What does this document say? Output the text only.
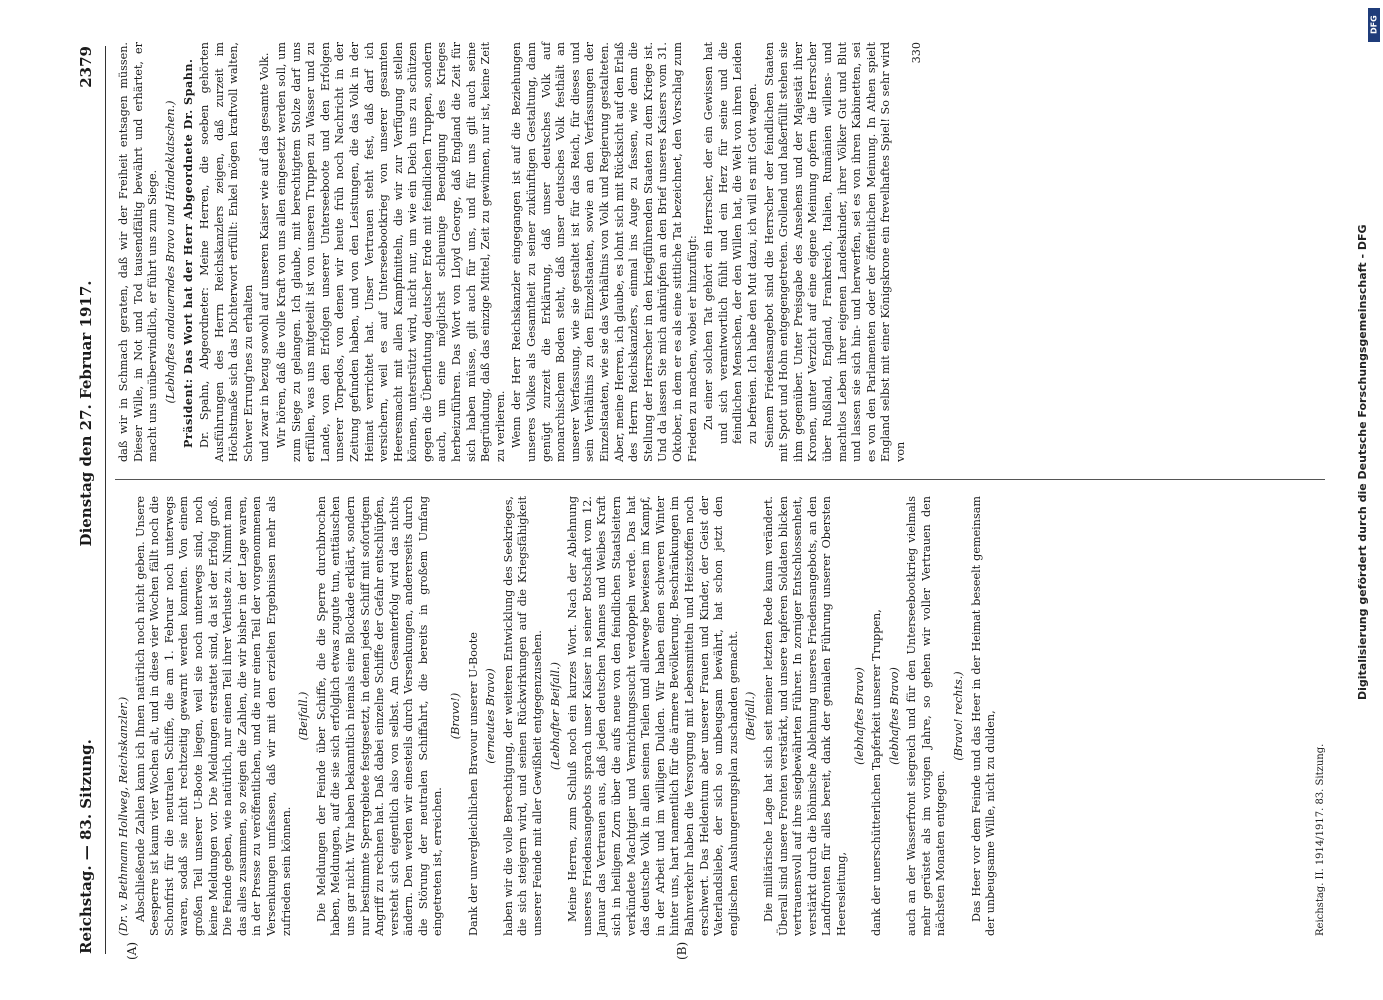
Reichstag. — 83. Sitzung.
Dienstag den 27. Februar 1917.
2379
(A)	(B)

(Dr. v. Bethmann Hollweg, Reichskanzler.) Abschließende Zahlen kann ich Ihnen natürlich noch nicht geben. Unsere Seesperre ist kaum vier Wochen alt, und in diese vier Wochen fällt noch die Schonfrist für die neutralen Schiffe, die am 1. Februar noch unterwegs waren, sodaß sie nicht rechtzeitig gewarnt werden konnten. Von einem großen Teil unserer U-Boote liegen, weil sie noch unterwegs sind, noch keine Meldungen vor. Die Meldungen erstattet sind, da ist der Erfolg groß. Die Feinde geben, wie natürlich, nur einen Teil ihrer Verluste zu. Nimmt man das alles zusammen, so zeigen die Zahlen, die wir bisher in der Lage waren, in der Presse zu veröffentlichen, und die nur einen Teil der vorgenommenen Versenkungen umfassen, daß wir mit den erzielten Ergebnissen mehr als zufrieden sein können.

(Beifall.) Die Meldungen der Feinde über Schiffe, die die Sperre durchbrochen haben, Meldungen, auf die sie sich erfolglich etwas zugute tun, enttäuschen uns gar nicht. Wir haben bekanntlich niemals eine Blockade erklärt, sondern nur bestimmte Sperrgebiete festgesetzt, in denen jedes Schiff mit sofortigem Angriff zu rechnen hat. Daß dabei einzelne Schiffe der Gefahr entschlüpfen, versteht sich eigentlich also von selbst. Am Gesamterfolg wird das nichts ändern. Den werden wir einesteils durch Versenkungen, andererseits durch die Störung der neutralen Schiffahrt, die bereits in großem Umfang eingetreten ist, erreichen.

(Bravo!) Dank der unvergleichlichen Bravour unserer U-Boote (erneutes Bravo) haben wir die volle Berechtigung, der weiteren Entwicklung des Seekrieges, die sich steigern wird, und seinen Rückwirkungen auf die Kriegsfähigkeit unserer Feinde mit aller Gewißheit entgegenzusehen. (Lebhafter Beifall.) Meine Herren, zum Schluß noch ein kurzes Wort. Nach der Ablehnung unseres Friedensangebots sprach unser Kaiser in seiner Botschaft vom 12. Januar das Vertrauen aus, daß jeden deutschen Mannes und Weibes Kraft sich in heiligem Zorn über die aufs neue von den feindlichen Staatsleitern verkündete Machtgier und Vernichtungssucht verdoppeln werde. Das hat das deutsche Volk in allen seinen Teilen und allerwege bewiesen im Kampf, in der Arbeit und im willigen Dulden. Wir haben einen schweren Winter hinter uns, hart namentlich für die ärmere Bevölkerung. Beschränkungen im Bahnverkehr haben die Versorgung mit Lebensmitteln und Heizstoffen noch erschwert. Das Heldentum aber unserer Frauen und Kinder, der Geist der Vaterlandsliebe, der sich so unbeugsam bewährt, hat schon jetzt den englischen Aushungerungsplan zuschanden gemacht. (Beifall.) Die militärische Lage hat sich seit meiner letzten Rede kaum verändert. Überall sind unsere Fronten verstärkt, und unsere tapferen Soldaten blicken vertrauensvoll auf ihre siegbewährten Führer. In zorniger Entschlossenheit, verstärkt durch die höhnische Ablehnung unseres Friedensangebots, an den Landfronten für alles bereit, dank der genialen Führung unserer Obersten Heeresleitung,

(lebhaftes Bravo) dank der unerschütterlichen Tapferkeit unserer Truppen, (lebhaftes Bravo) auch an der Wasserfront siegreich und für den Unterseebootkrieg vielmals mehr gerüstet als im vorigen Jahre, so gehen wir voller Vertrauen den nächsten Monaten entgegen.

(Bravo! rechts.) Das Heer vor dem Feinde und das Heer in der Heimat beseelt gemeinsam der unbeugsame Wille, nicht zu dulden,	Reichstag. II. 1914/1917. 83. Sitzung.

daß wir in Schmach geraten, daß wir der Freiheit entsagen müssen. Dieser Wille, in Not und Tod tausendfältig bewährt und erhärtet, er macht uns unüberwindlich, er führt uns zum Siege. (Lebhaftes andauerndes Bravo und Händeklatschen.) Präsident: Das Wort hat der Herr Abgeordnete Dr. Spahn. Dr. Spahn, Abgeordneter: Meine Herren, die soeben gehörten Ausführungen des Herrn Reichskanzlers zeigen, daß zurzeit im Höchstmaße sich das Dichterwort erfüllt: Enkel mögen kraftvoll walten, Schwer Errung'nes zu erhalten und zwar in bezug sowohl auf unseren Kaiser wie auf das gesamte Volk. Wir hören, daß die volle Kraft von uns allen eingesetzt werden soll, um zum Siege zu gelangen. Ich glaube, mit berechtigtem Stolze darf uns erfüllen, was uns mitgeteilt ist von unseren Truppen zu Wasser und zu Lande, von den Erfolgen unserer Unterseeboote und den Erfolgen unserer Torpedos, von denen wir heute früh noch Nachricht in der Zeitung gefunden haben, und von den Leistungen, die das Volk in der Heimat verrichtet hat. Unser Vertrauen steht fest, daß darf ich versichern, weil es auf Unterseebootkrieg von unserer gesamten Heeresmacht mit allen Kampfmitteln, die wir zur Verfügung stellen können, unterstützt wird, nicht nur, um wie ein Deich uns zu schützen gegen die Überflutung deutscher Erde mit feindlichen Truppen, sondern auch, um eine möglichst schleunige Beendigung des Krieges herbeizuführen. Das Wort von Lloyd George, daß England die Zeit für sich haben müsse, gilt auch für uns, und für uns gilt auch seine Begründung, daß das einzige Mittel, Zeit zu gewinnen, nur ist, keine Zeit zu verlieren. Wenn der Herr Reichskanzler eingegangen ist auf die Beziehungen unseres Volkes als Gesamtheit zu seiner zukünftigen Gestaltung, dann genügt zurzeit die Erklärung, daß unser deutsches Volk auf monarchischem Boden steht, daß unser deutsches Volk festhält an unserer Verfassung, wie sie gestaltet ist für das Reich, für dieses und sein Verhältnis zu den Einzelstaaten, sowie an den Verfassungen der Einzelstaaten, wie sie das Verhältnis von Volk und Regierung gestalteten. Aber, meine Herren, ich glaube, es lohnt sich mit Rücksicht auf den Erlaß des Herrn Reichskanzlers, einmal ins Auge zu fassen, wie denn die Stellung der Herrscher in den kriegführenden Staaten zu dem Kriege ist. Und da lassen Sie mich anknüpfen an den Brief unseres Kaisers vom 31. Oktober, in dem er es als eine sittliche Tat bezeichnet, den Vorschlag zum Frieden zu machen, wobei er hinzufügt: Zu einer solchen Tat gehört ein Herrscher, der ein Gewissen hat und sich verantwortlich fühlt und ein Herz für seine und die feindlichen Menschen, der den Willen hat, die Welt von ihren Leiden zu befreien. Ich habe den Mut dazu, ich will es mit Gott wagen. Seinem Friedensangebot sind die Herrscher der feindlichen Staaten mit Spott und Hohn entgegengetreten. Grollend und haßerfüllt stehen sie ihm gegenüber. Unter Preisgabe des Ansehens und der Majestät ihrer Kronen, unter Verzicht auf eine eigene Meinung opfern die Herrscher über Rußland, England, Frankreich, Italien, Rumänien willens- und machtlos Leben ihrer eigenen Landeskinder, ihrer Völker Gut und Blut und lassen sie sich hin- und herwerfen, sei es von ihren Kabinetten, sei es von den Parlamenten oder der öffentlichen Meinung. In Athen spielt England selbst mit einer Königskrone ein frevelhaftes Spiel! So sehr wird von

330

Digitalisierung gefördert durch die Deutsche Forschungsgemeinschaft - DFG
DFG
